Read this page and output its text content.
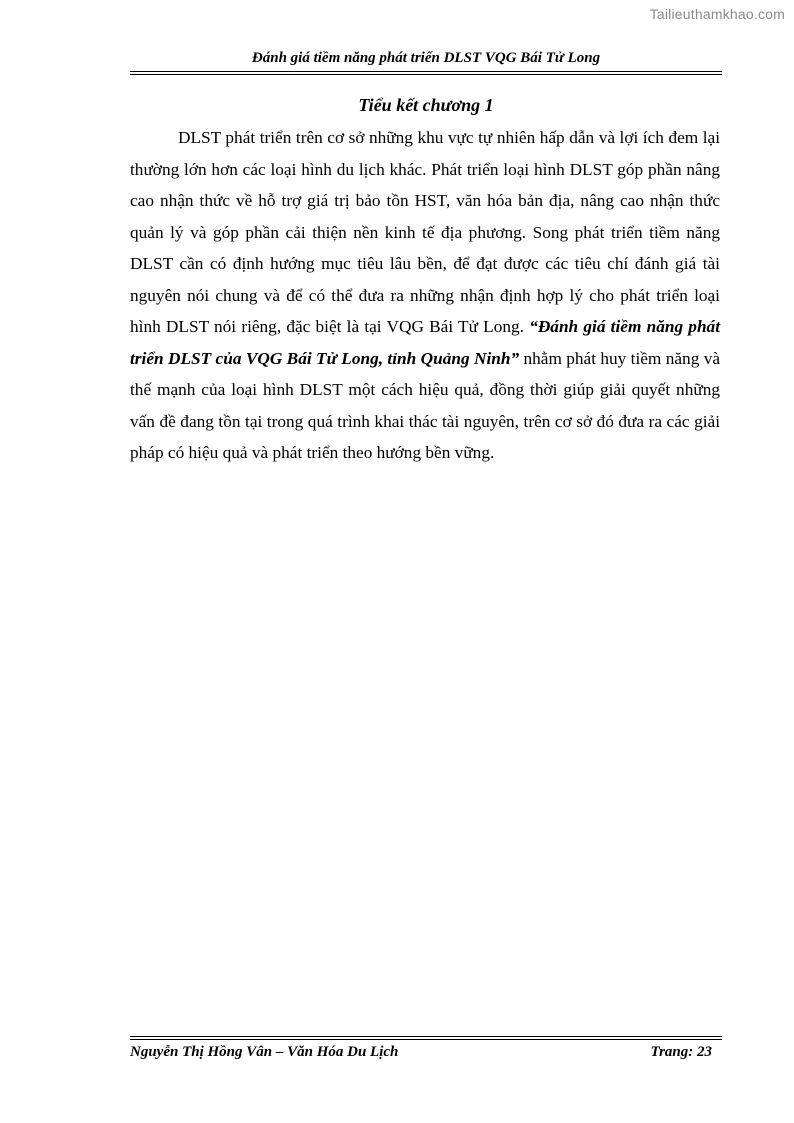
Tailieuthamkhao.com
Đánh giá tiềm năng phát triển DLST VQG Bái Tử Long
Tiểu kết chương 1

DLST phát triển trên cơ sở những khu vực tự nhiên hấp dẫn và lợi ích đem lại thường lớn hơn các loại hình du lịch khác. Phát triển loại hình DLST góp phần nâng cao nhận thức về hỗ trợ giá trị bảo tồn HST, văn hóa bản địa, nâng cao nhận thức quản lý và góp phần cải thiện nền kinh tế địa phương. Song phát triển tiềm năng DLST cần có định hướng mục tiêu lâu bền, để đạt được các tiêu chí đánh giá tài nguyên nói chung và để có thể đưa ra những nhận định hợp lý cho phát triển loại hình DLST nói riêng, đặc biệt là tại VQG Bái Tử Long. “Đánh giá tiềm năng phát triển DLST của VQG Bái Tử Long, tỉnh Quảng Ninh” nhằm phát huy tiềm năng và thế mạnh của loại hình DLST một cách hiệu quả, đồng thời giúp giải quyết những vấn đề đang tồn tại trong quá trình khai thác tài nguyên, trên cơ sở đó đưa ra các giải pháp có hiệu quả và phát triển theo hướng bền vững.

Nguyễn Thị Hồng Vân – Văn Hóa Du Lịch	Trang: 23
